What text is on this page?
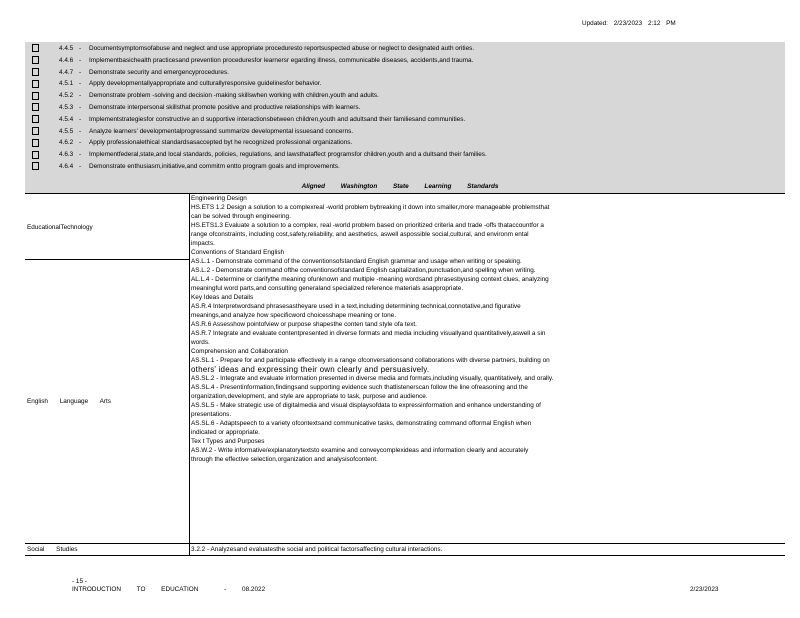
Updated: 2/23/2023 2:12 PM
4.4.5- Documentsymptomsofabuse and neglect and use appropriate proceduresto reportsuspected abuse or neglect to designated auth orities.
4.4.6- Implementbasichealth practicesand prevention proceduresfor learnersr egarding illness, communicable diseases, accidents,and trauma.
4.4.7- Demonstrate security and emergencyprocedures.
4.5.1- Apply developmentallyappropriate and culturallyresponsive guidelinesfor behavior.
4.5.2- Demonstrate problem -solving and decision -making skillswhen working with children,youth and adults.
4.5.3- Demonstrate interpersonal skillsthat promote positive and productive relationships with learners.
4.5.4- Implementstrategiesfor constructive an d supportive interactionsbetween children,youth and adultsand their familiesand communities.
4.5.5- Analyze learners' developmentalprogressand summarize developmental issuesand concerns.
4.6.2- Apply professionalethical standardsasaccepted byt he recognized professional organizations.
4.6.3- Implementfederal,state,and local standards, policies, regulations, and lawsthataffect programsfor children,youth and a dultsand their families.
4.6.4- Demonstrate enthusiasm,initiative,and commitm entto program goals and improvements.
Aligned Washington State Learning Standards
EducationalTechnology
English Language Arts
Social Studies
Engineering Design
HS.ETS 1.2 Design a solution to a complexreal -world problem bybreaking it down into smaller,more manageable problemsthat
can be solved through engineering.
HS.ETS1.3 Evaluate a solution to a complex, real -world problem based on prioritized criteria and trade -offs thataccountfor a
range ofconstraints, including cost,safety,reliability, and aesthetics, aswell aspossible social,cultural, and environm ental
impacts.
Conventions of Standard English
AS.L.1 - Demonstrate command of the conventionsofstandard English grammar and usage when writing or speaking.
AS.L.2 - Demonstrate command ofthe conventionsofstandard English capitalization,punctuation,and spelling when writing.
AL.L.4 - Determine or clarifythe meaning ofunknown and multiple -meaning wordsand phrasesbyusing context clues, analyzing
meaningful word parts,and consulting generaland specialized reference materials asappropriate.
Key Ideas and Details
AS.R.4 Interpretwordsand phrasesastheyare used in a text,including determining technical,connotative,and figurative
meanings,and analyze how specificword choicesshape meaning or tone.
AS.R.6 Assesshow pointofview or purpose shapesthe conten tand style ofa text.
AS.R.7 Integrate and evaluate contentpresented in diverse formats and media including visuallyand quantitatively,aswell a sin
words.
Comprehension and Collaboration
AS.SL.1 - Prepare for and participate effectively in a range ofconversationsand collaborations with diverse partners, building on
others' ideas and expressing their own clearly and persuasively.
AS.SL.2 - Integrate and evaluate information presented in diverse media and formats,including visually, quantitatively, and orally.
AS.SL.4 - Presentinformation,findingsand supporting evidence such thatlistenerscan follow the line ofreasoning and the
organization,development, and style are appropriate to task, purpose and audience.
AS.SL.5 - Make strategic use of digitalmedia and visual displaysofdata to expressinformation and enhance understanding of
presentations.
AS.SL.6 - Adaptspeech to a variety ofcontextsand communicative tasks, demonstrating command offormal English when
indicated or appropriate.
Tex t Types and Purposes
AS.W.2 - Write informative/explanatorytextsto examine and conveycomplexideas and information clearly and accurately
through the effective selection,organization and analysisofcontent.
3.2.2 - Analyzesand evaluatesthe social and political factorsaffecting cultural interactions.
- 15 -
INTRODUCTION TO EDUCATION	- 08.2022	2/23/2023
